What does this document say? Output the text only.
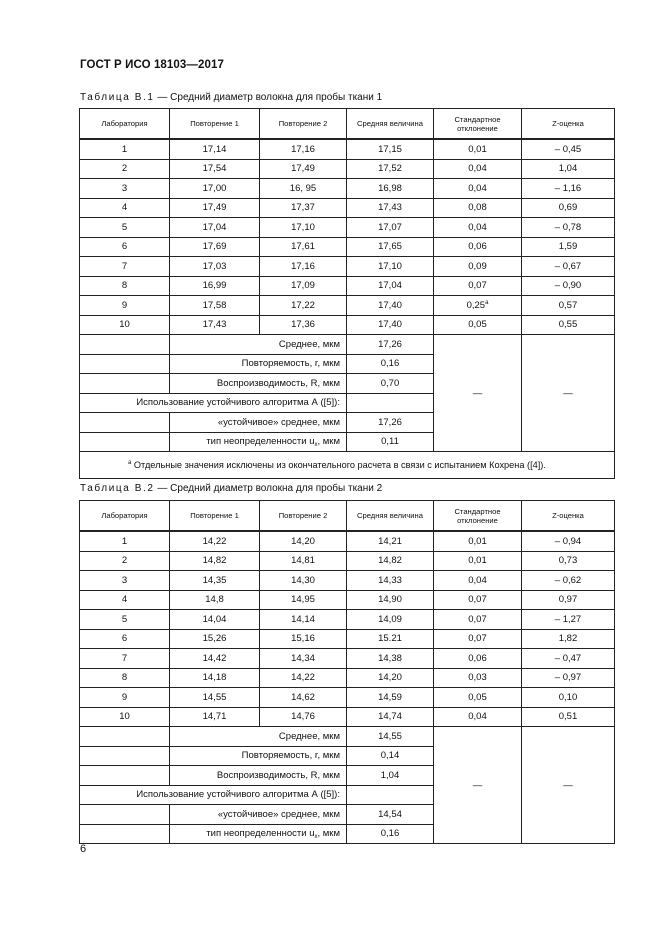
ГОСТ Р ИСО 18103—2017
Таблица В.1 — Средний диаметр волокна для пробы ткани 1
Лаборатория	Повторение 1	Повторение 2	Средняя величина	Стандартное отклонение	Z-оценка
1	17,14	17,16	17,15	0,01	– 0,45
2	17,54	17,49	17,52	0,04	1,04
3	17,00	16, 95	16,98	0,04	– 1,16
4	17,49	17,37	17,43	0,08	0,69
5	17,04	17,10	17,07	0,04	– 0,78
6	17,69	17,61	17,65	0,06	1,59
7	17,03	17,16	17,10	0,09	– 0,67
8	16,99	17,09	17,04	0,07	– 0,90
9	17,58	17,22	17,40	0,25$^a$	0,57
10	17,43	17,36	17,40	0,05	0,55
	Среднее, мкм		17,26	—	—
	Повторяемость, r, мкм		0,16		
	Воспроизводимость, R, мкм		0,70		
Использование устойчивого алгоритма А ([5]):					
	«устойчивое» среднее, мкм		17,26		
	тип неопределенности $u_x$, мкм		0,11		
$^a$ Отдельные значения исключены из окончательного расчета в связи с испытанием Кохрена ([4]).					
Таблица В.2 — Средний диаметр волокна для пробы ткани 2
Лаборатория	Повторение 1	Повторение 2	Средняя величина	Стандартное отклонение	Z-оценка
1	14,22	14,20	14,21	0,01	– 0,94
2	14,82	14,81	14,82	0,01	0,73
3	14,35	14,30	14,33	0,04	– 0,62
4	14,8	14,95	14,90	0,07	0,97
5	14,04	14,14	14,09	0,07	– 1,27
6	15,26	15,16	15.21	0,07	1,82
7	14,42	14,34	14,38	0,06	– 0,47
8	14,18	14,22	14,20	0,03	– 0,97
9	14,55	14,62	14,59	0,05	0,10
10	14,71	14,76	14,74	0,04	0,51
	Среднее, мкм		14,55	—	—
	Повторяемость, r, мкм		0,14		
	Воспроизводимость, R, мкм		1,04		
Использование устойчивого алгоритма А ([5]):					
	«устойчивое» среднее, мкм		14,54		
	тип неопределенности $u_x$, мкм		0,16		
6
